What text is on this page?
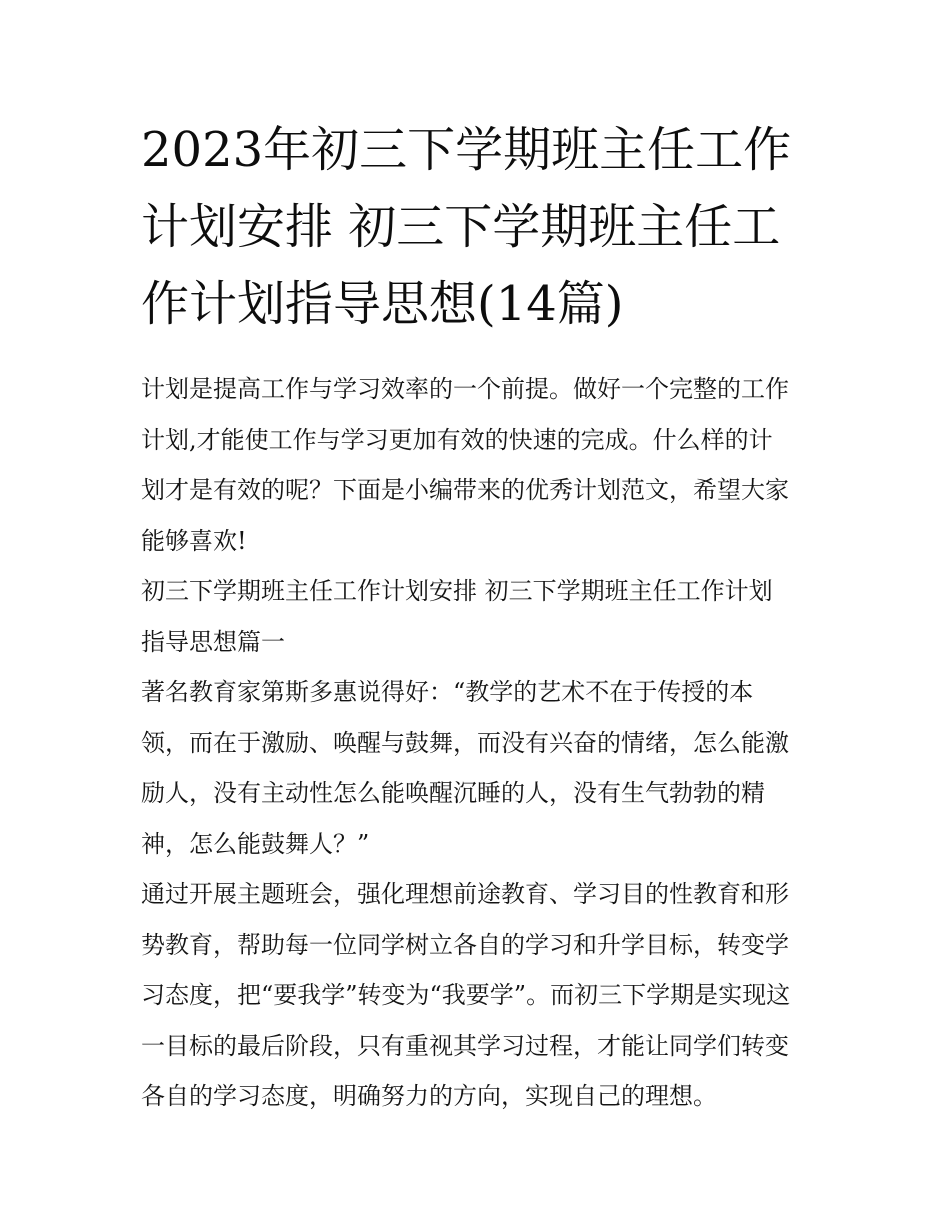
2023年初三下学期班主任工作
计划安排 初三下学期班主任工
作计划指导思想(14篇)

计划是提高工作与学习效率的一个前提。做好一个完整的工作
计划,才能使工作与学习更加有效的快速的完成。什么样的计
划才是有效的呢？下面是小编带来的优秀计划范文，希望大家
能够喜欢!

初三下学期班主任工作计划安排 初三下学期班主任工作计划
指导思想篇一

著名教育家第斯多惠说得好：“教学的艺术不在于传授的本
领，而在于激励、唤醒与鼓舞，而没有兴奋的情绪，怎么能激
励人，没有主动性怎么能唤醒沉睡的人，没有生气勃勃的精
神，怎么能鼓舞人？”

通过开展主题班会，强化理想前途教育、学习目的性教育和形
势教育，帮助每一位同学树立各自的学习和升学目标，转变学
习态度，把“要我学”转变为“我要学”。而初三下学期是实现这
一目标的最后阶段，只有重视其学习过程，才能让同学们转变
各自的学习态度，明确努力的方向，实现自己的理想。
